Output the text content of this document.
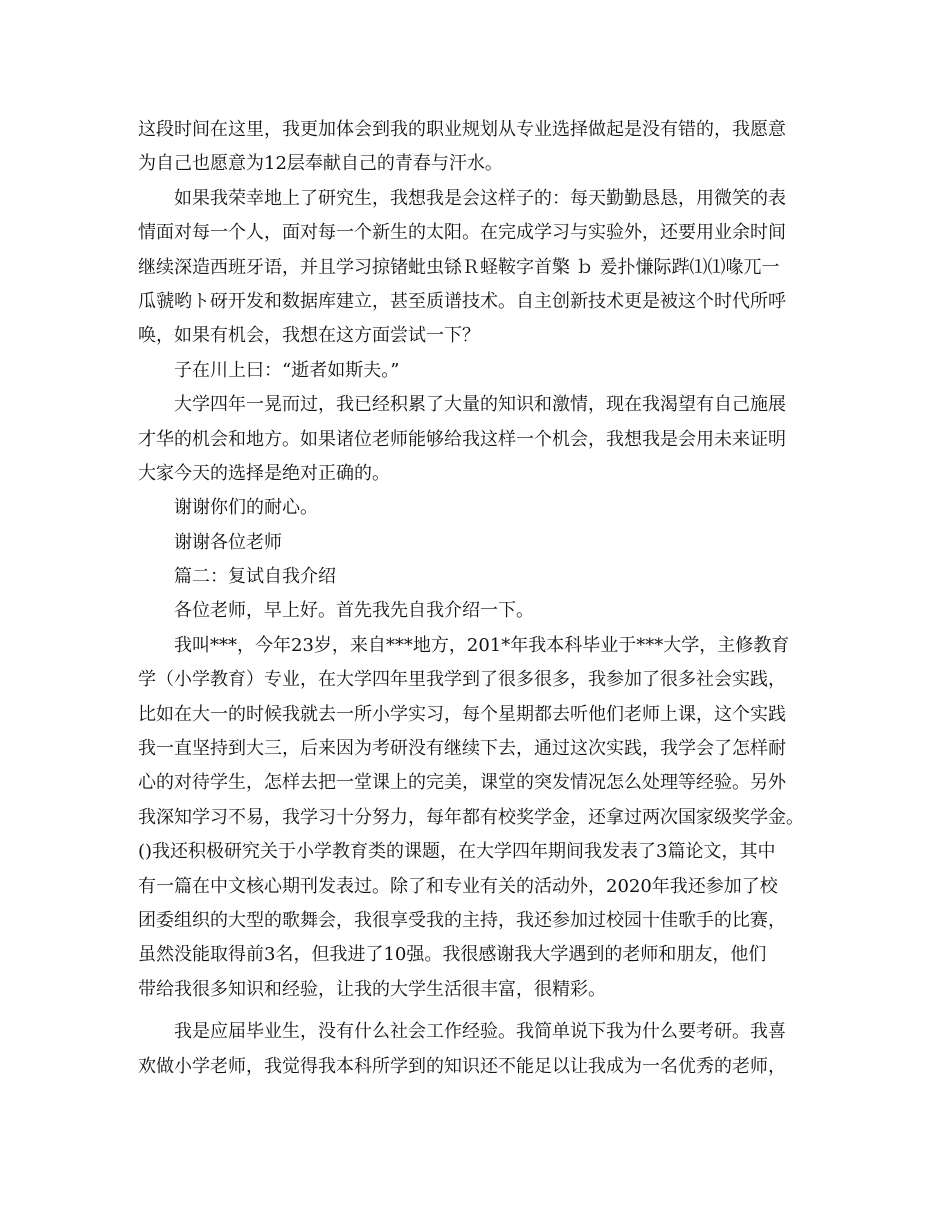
这段时间在这里，我更加体会到我的职业规划从专业选择做起是没有错的，我愿意
为自己也愿意为12层奉献自己的青春与汗水。
如果我荣幸地上了研究生，我想我是会这样子的：每天勤勤恳恳，用微笑的表
情面对每一个人，面对每一个新生的太阳。在完成学习与实验外，还要用业余时间
继续深造西班牙语，并且学习掠锗蚍虫铩Ｒ蛏鞍字首檠 ｂ 爰扑慊际跸⑴⑴喙兀一
瓜虢哟ト砑开发和数据库建立，甚至质谱技术。自主创新技术更是被这个时代所呼
唤，如果有机会，我想在这方面尝试一下？
子在川上曰：“逝者如斯夫。”
大学四年一晃而过，我已经积累了大量的知识和激情，现在我渴望有自己施展
才华的机会和地方。如果诸位老师能够给我这样一个机会，我想我是会用未来证明
大家今天的选择是绝对正确的。
谢谢你们的耐心。
谢谢各位老师
篇二：复试自我介绍
各位老师，早上好。首先我先自我介绍一下。
我叫***，今年23岁，来自***地方，201*年我本科毕业于***大学，主修教育
学（小学教育）专业，在大学四年里我学到了很多很多，我参加了很多社会实践，
比如在大一的时候我就去一所小学实习，每个星期都去听他们老师上课，这个实践
我一直坚持到大三，后来因为考研没有继续下去，通过这次实践，我学会了怎样耐
心的对待学生，怎样去把一堂课上的完美，课堂的突发情况怎么处理等经验。另外
我深知学习不易，我学习十分努力，每年都有校奖学金，还拿过两次国家级奖学金。
()我还积极研究关于小学教育类的课题，在大学四年期间我发表了3篇论文，其中
有一篇在中文核心期刊发表过。除了和专业有关的活动外，2020年我还参加了校
团委组织的大型的歌舞会，我很享受我的主持，我还参加过校园十佳歌手的比赛，
虽然没能取得前3名，但我进了10强。我很感谢我大学遇到的老师和朋友，他们
带给我很多知识和经验，让我的大学生活很丰富，很精彩。
我是应届毕业生，没有什么社会工作经验。我简单说下我为什么要考研。我喜
欢做小学老师，我觉得我本科所学到的知识还不能足以让我成为一名优秀的老师，
